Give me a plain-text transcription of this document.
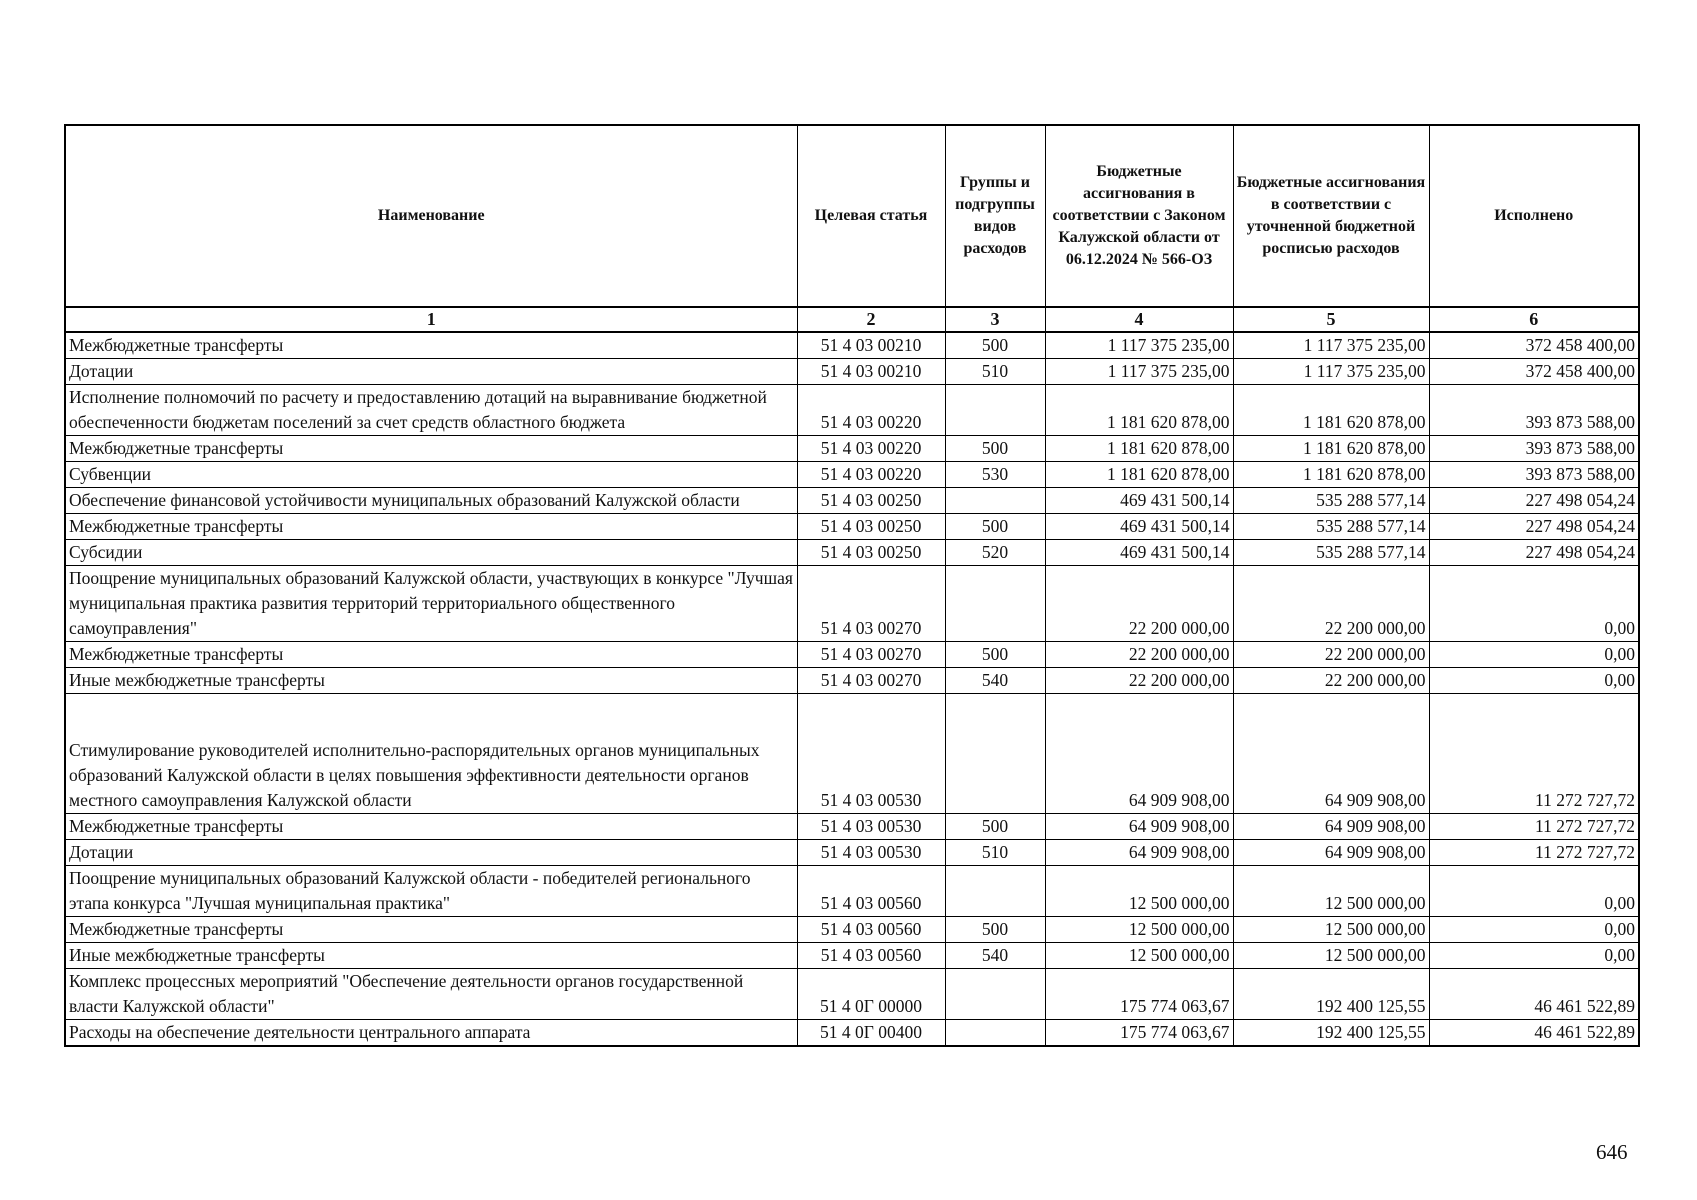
Наименование	Целевая статья	Группы и подгруппы видов расходов	Бюджетные ассигнования в соответствии с Законом Калужской области от 06.12.2024 № 566-ОЗ	Бюджетные ассигнования в соответствии с уточненной бюджетной росписью расходов	Исполнено
1	2	3	4	5	6
Межбюджетные трансферты	51 4 03 00210	500	1 117 375 235,00	1 117 375 235,00	372 458 400,00
Дотации	51 4 03 00210	510	1 117 375 235,00	1 117 375 235,00	372 458 400,00
Исполнение полномочий по расчету и предоставлению дотаций на выравнивание бюджетной обеспеченности бюджетам поселений за счет средств областного бюджета	51 4 03 00220		1 181 620 878,00	1 181 620 878,00	393 873 588,00
Межбюджетные трансферты	51 4 03 00220	500	1 181 620 878,00	1 181 620 878,00	393 873 588,00
Субвенции	51 4 03 00220	530	1 181 620 878,00	1 181 620 878,00	393 873 588,00
Обеспечение финансовой устойчивости муниципальных образований Калужской области	51 4 03 00250		469 431 500,14	535 288 577,14	227 498 054,24
Межбюджетные трансферты	51 4 03 00250	500	469 431 500,14	535 288 577,14	227 498 054,24
Субсидии	51 4 03 00250	520	469 431 500,14	535 288 577,14	227 498 054,24
Поощрение муниципальных образований Калужской области, участвующих в конкурсе "Лучшая муниципальная практика развития территорий территориального общественного самоуправления"	51 4 03 00270		22 200 000,00	22 200 000,00	0,00
Межбюджетные трансферты	51 4 03 00270	500	22 200 000,00	22 200 000,00	0,00
Иные межбюджетные трансферты	51 4 03 00270	540	22 200 000,00	22 200 000,00	0,00
Стимулирование руководителей исполнительно-распорядительных органов муниципальных образований Калужской области в целях повышения эффективности деятельности органов местного самоуправления Калужской области	51 4 03 00530		64 909 908,00	64 909 908,00	11 272 727,72
Межбюджетные трансферты	51 4 03 00530	500	64 909 908,00	64 909 908,00	11 272 727,72
Дотации	51 4 03 00530	510	64 909 908,00	64 909 908,00	11 272 727,72
Поощрение муниципальных образований Калужской области - победителей регионального этапа конкурса "Лучшая муниципальная практика"	51 4 03 00560		12 500 000,00	12 500 000,00	0,00
Межбюджетные трансферты	51 4 03 00560	500	12 500 000,00	12 500 000,00	0,00
Иные межбюджетные трансферты	51 4 03 00560	540	12 500 000,00	12 500 000,00	0,00
Комплекс процессных мероприятий "Обеспечение деятельности органов государственной власти Калужской области"	51 4 0Г 00000		175 774 063,67	192 400 125,55	46 461 522,89
Расходы на обеспечение деятельности центрального аппарата	51 4 0Г 00400		175 774 063,67	192 400 125,55	46 461 522,89
646
